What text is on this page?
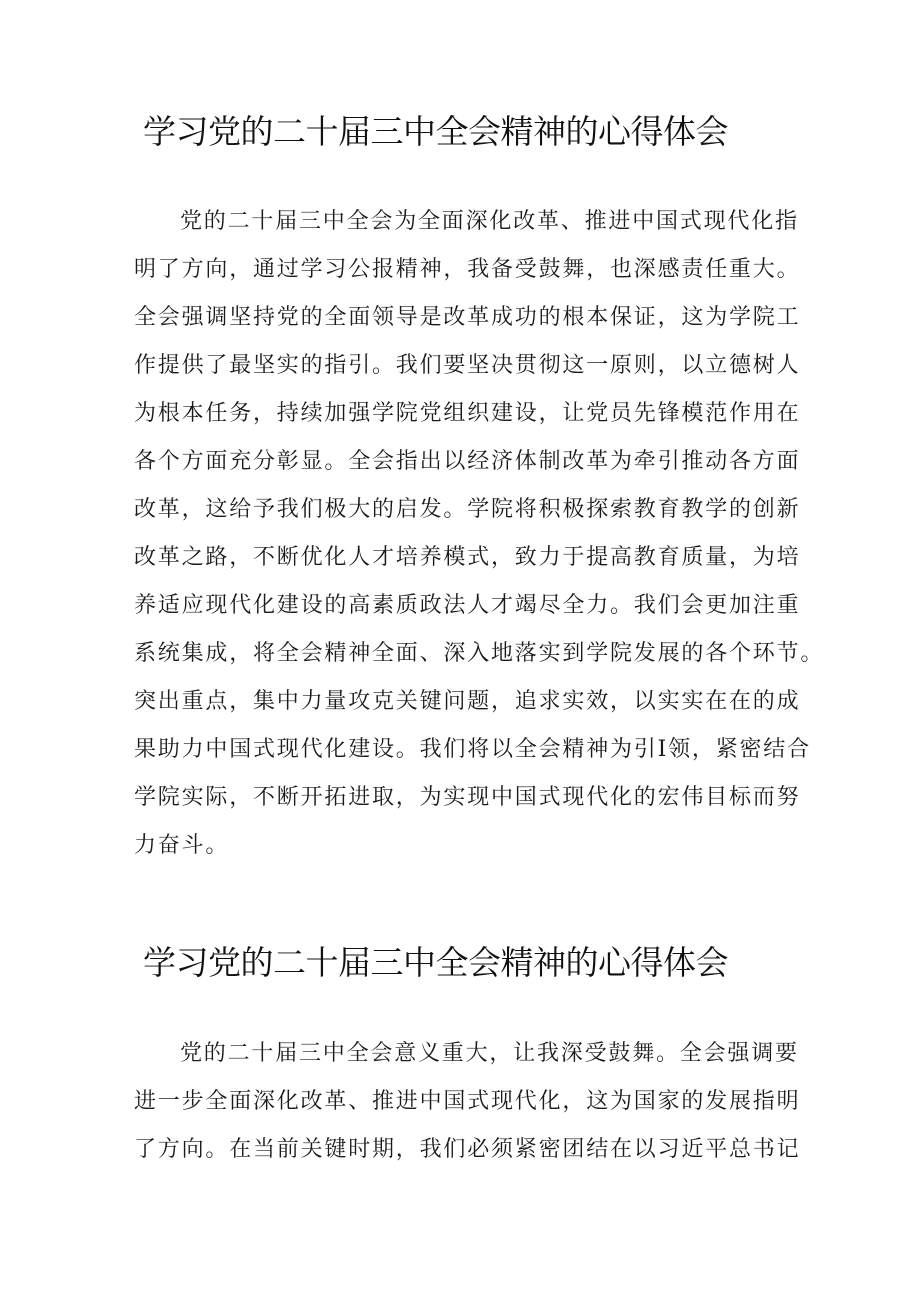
学习党的二十届三中全会精神的心得体会
党的二十届三中全会为全面深化改革、推进中国式现代化指
明了方向，通过学习公报精神，我备受鼓舞，也深感责任重大。
全会强调坚持党的全面领导是改革成功的根本保证，这为学院工
作提供了最坚实的指引。我们要坚决贯彻这一原则，以立德树人
为根本任务，持续加强学院党组织建设，让党员先锋模范作用在
各个方面充分彰显。全会指出以经济体制改革为牵引推动各方面
改革，这给予我们极大的启发。学院将积极探索教育教学的创新
改革之路，不断优化人才培养模式，致力于提高教育质量，为培
养适应现代化建设的高素质政法人才竭尽全力。我们会更加注重
系统集成，将全会精神全面、深入地落实到学院发展的各个环节。
突出重点，集中力量攻克关键问题，追求实效，以实实在在的成
果助力中国式现代化建设。我们将以全会精神为引I领，紧密结合
学院实际，不断开拓进取，为实现中国式现代化的宏伟目标而努
力奋斗。
学习党的二十届三中全会精神的心得体会
党的二十届三中全会意义重大，让我深受鼓舞。全会强调要
进一步全面深化改革、推进中国式现代化，这为国家的发展指明
了方向。在当前关键时期，我们必须紧密团结在以习近平总书记
